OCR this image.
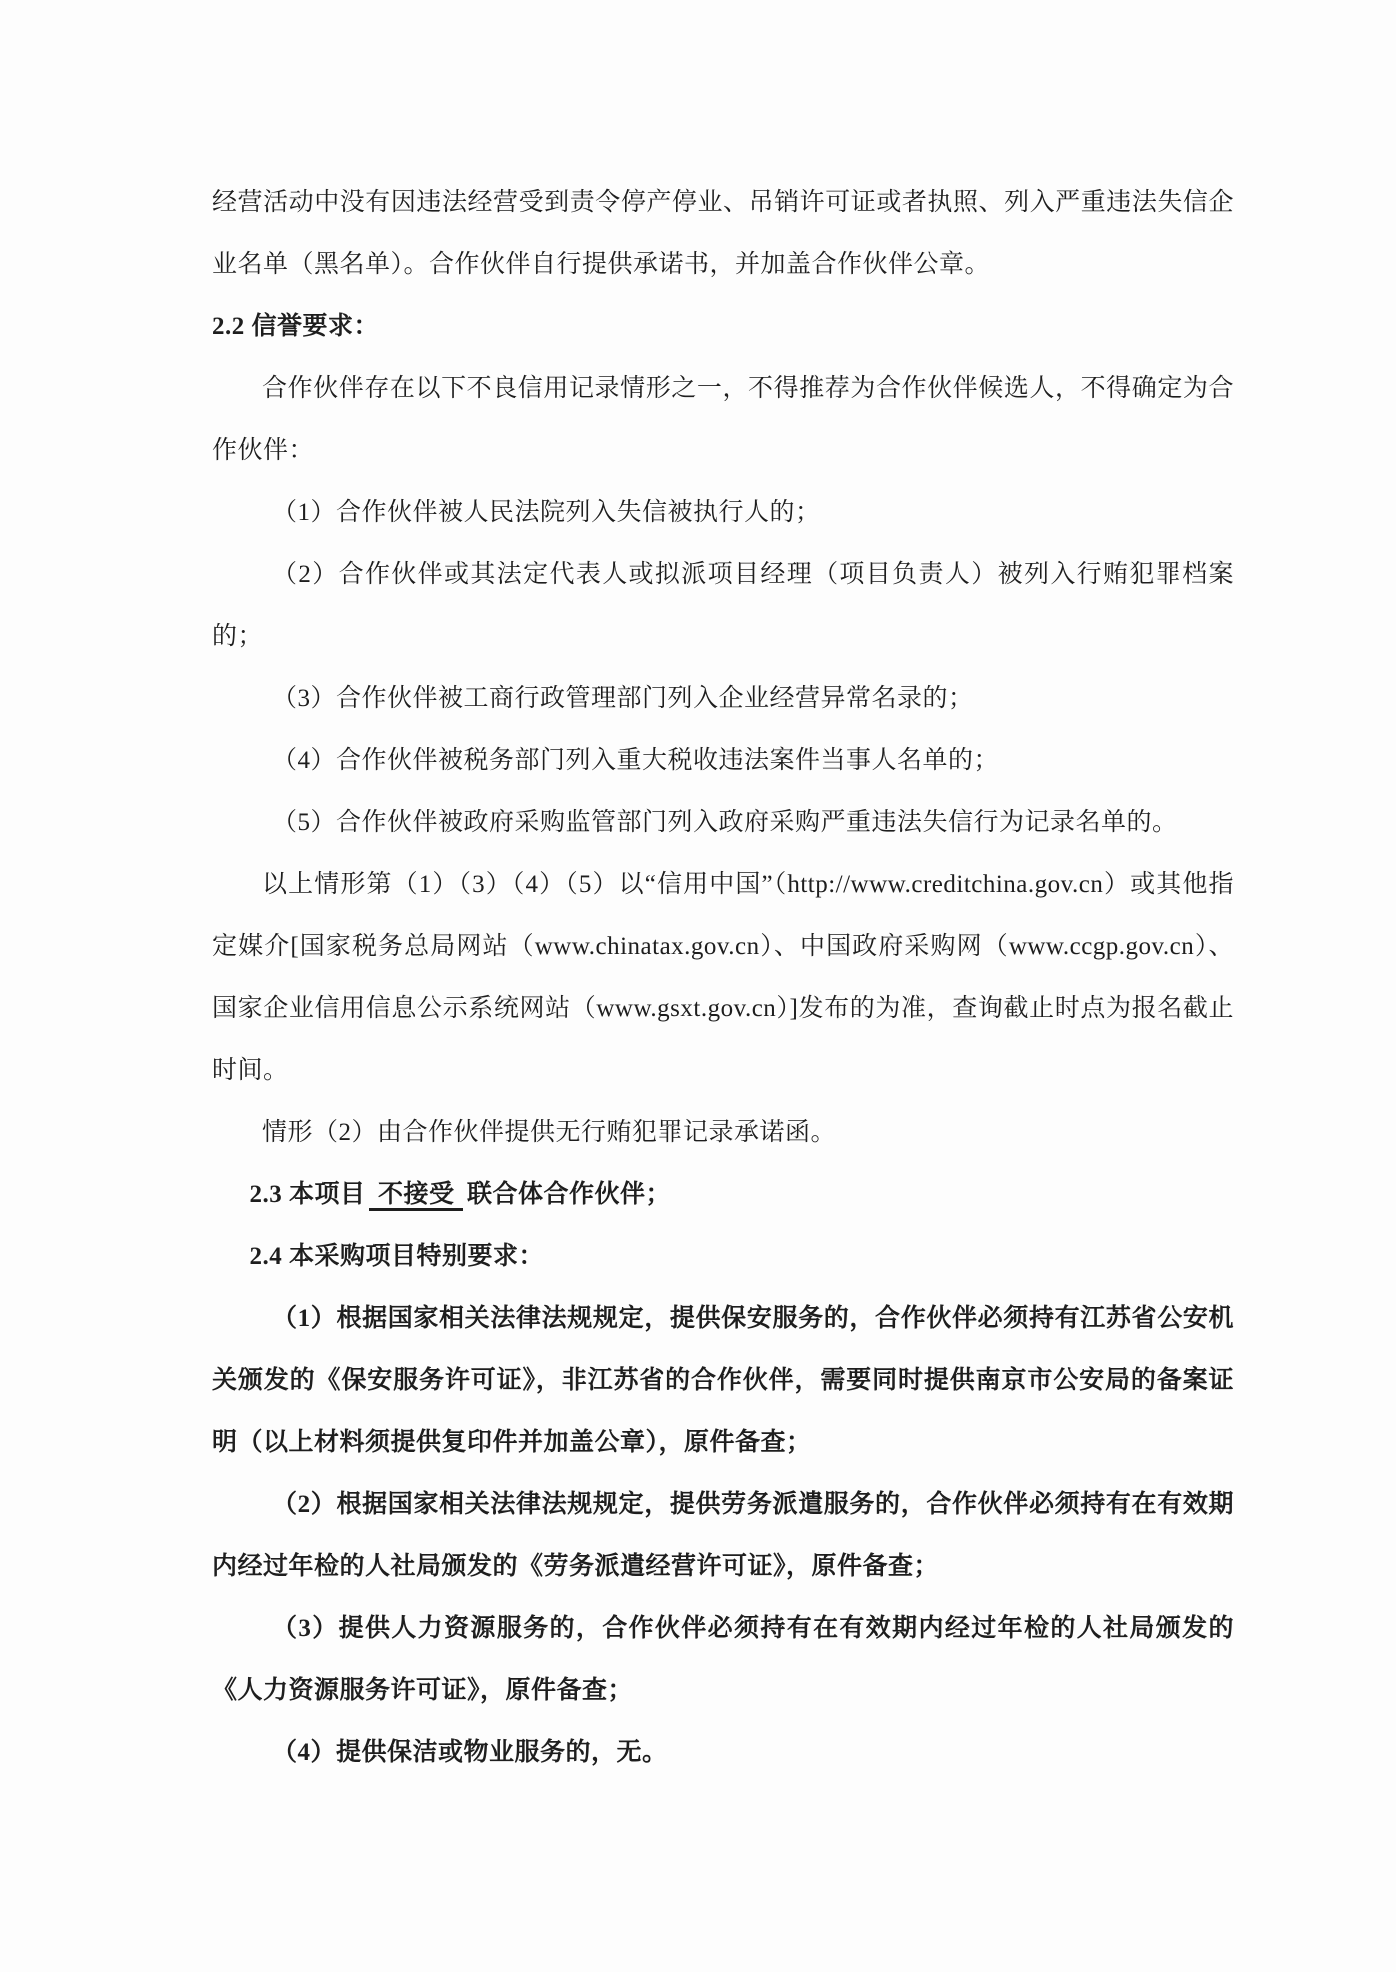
经营活动中没有因违法经营受到责令停产停业、吊销许可证或者执照、列入严重违法失信企业名单（黑名单）。合作伙伴自行提供承诺书，并加盖合作伙伴公章。

2.2 信誉要求：

合作伙伴存在以下不良信用记录情形之一，不得推荐为合作伙伴候选人，不得确定为合作伙伴：

（1）合作伙伴被人民法院列入失信被执行人的；

（2）合作伙伴或其法定代表人或拟派项目经理（项目负责人）被列入行贿犯罪档案的；

（3）合作伙伴被工商行政管理部门列入企业经营异常名录的；

（4）合作伙伴被税务部门列入重大税收违法案件当事人名单的；

（5）合作伙伴被政府采购监管部门列入政府采购严重违法失信行为记录名单的。

以上情形第（1）（3）（4）（5）以“信用中国”（http://www.creditchina.gov.cn）或其他指定媒介[国家税务总局网站（www.chinatax.gov.cn）、中国政府采购网（www.ccgp.gov.cn）、国家企业信用信息公示系统网站（www.gsxt.gov.cn）]发布的为准，查询截止时点为报名截止时间。

情形（2）由合作伙伴提供无行贿犯罪记录承诺函。

2.3 本项目 不接受 联合体合作伙伴；

2.4 本采购项目特别要求：

（1）根据国家相关法律法规规定，提供保安服务的，合作伙伴必须持有江苏省公安机关颁发的《保安服务许可证》，非江苏省的合作伙伴，需要同时提供南京市公安局的备案证明（以上材料须提供复印件并加盖公章），原件备查；

（2）根据国家相关法律法规规定，提供劳务派遣服务的，合作伙伴必须持有在有效期内经过年检的人社局颁发的《劳务派遣经营许可证》，原件备查；

（3）提供人力资源服务的，合作伙伴必须持有在有效期内经过年检的人社局颁发的《人力资源服务许可证》，原件备查；

（4）提供保洁或物业服务的，无。
